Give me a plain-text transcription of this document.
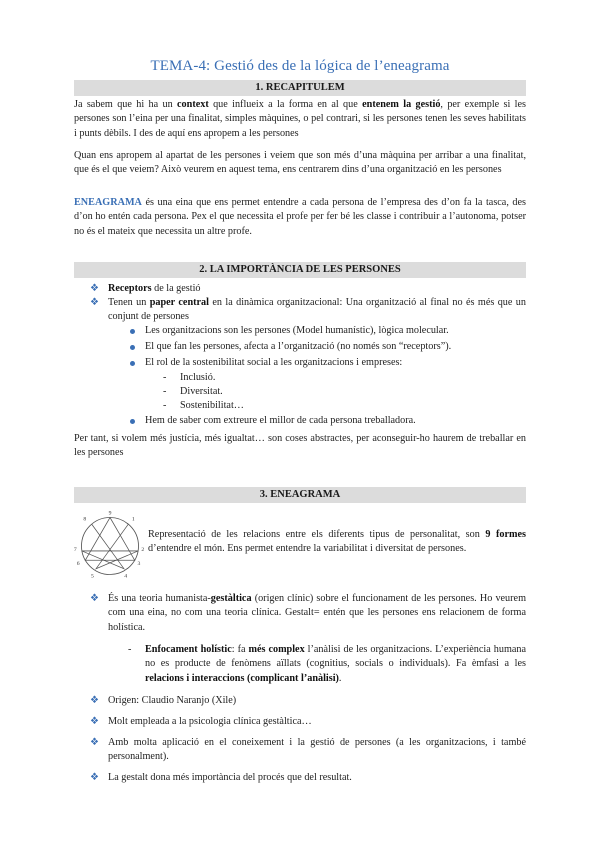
TEMA-4: Gestió des de la lógica de l’eneagrama
1. RECAPITULEM
Ja sabem que hi ha un context que influeix a la forma en al que entenem la gestió, per exemple si les persones son l’eina per una finalitat, simples màquines, o pel contrari, si les persones tenen les seves habilitats i punts dèbils. I des de aquí ens apropem a les persones
Quan ens apropem al apartat de les persones i veiem que son més d’una màquina per arribar a una finalitat, que és el que veiem? Això veurem en aquest tema, ens centrarem dins d’una organització en les persones
ENEAGRAMA és una eina que ens permet entendre a cada persona de l’empresa des d’on fa la tasca, des d’on ho entén cada persona. Pex el que necessita el profe per fer bé les classe i contribuir a l’autonoma, potser no és el mateix que necessita un altre profe.
2. LA IMPORTÀNCIA DE LES PERSONES
❖ Receptors de la gestió
❖ Tenen un paper central en la dinàmica organitzacional: Una organització al final no és més que un conjunt de persones
Les organitzacions son les persones (Model humanístic), lògica molecular.
El que fan les persones, afecta a l’organització (no només son “receptors”).
El rol de la sostenibilitat social a les organitzacions i empreses:
- Inclusió.
- Diversitat.
- Sostenibilitat…
Hem de saber com extreure el millor de cada persona treballadora.
Per tant, si volem més justícia, més igualtat… son coses abstractes, per aconseguir-ho haurem de treballar en les persones
3. ENEAGRAMA
9
1
2
3
4
5
6
7
8
Representació de les relacions entre els diferents tipus de personalitat, son 9 formes d’entendre el món. Ens permet entendre la variabilitat i diversitat de persones.
❖ És una teoria humanista-gestàltica (origen clínic) sobre el funcionament de les persones. Ho veurem com una eina, no com una teoria clínica. Gestalt= entén que les persones ens relacionem de forma holística.
- Enfocament holístic: fa més complex l’anàlisi de les organitzacions. L’experiència humana no es producte de fenòmens aïllats (cognitius, socials o individuals). Fa èmfasi a les relacions i interaccions (complicant l’anàlisi).
❖ Origen: Claudio Naranjo (Xile)
❖ Molt empleada a la psicologia clínica gestàltica…
❖ Amb molta aplicació en el coneixement i la gestió de persones (a les organitzacions, i també personalment).
❖ La gestalt dona més importància del procés que del resultat.
